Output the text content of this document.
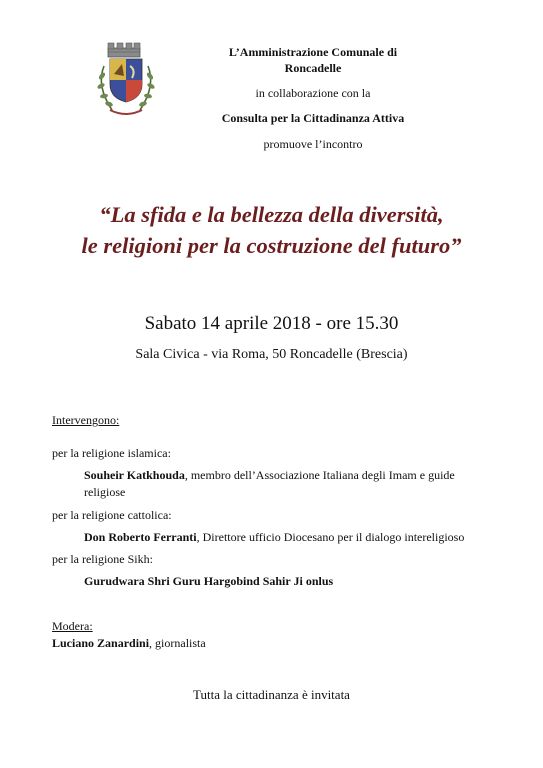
L’Amministrazione Comunale di
Roncadelle
in collaborazione con la
Consulta per la Cittadinanza Attiva
promuove l’incontro
“La sfida e la bellezza della diversità,
le religioni per la costruzione del futuro”
Sabato 14 aprile 2018 - ore 15.30
Sala Civica - via Roma, 50 Roncadelle (Brescia)
Intervengono:
per la religione islamica:
Souheir Katkhouda, membro dell’Associazione Italiana degli Imam e guide
religiose
per la religione cattolica:
Don Roberto Ferranti, Direttore ufficio Diocesano per il dialogo intereligioso
per la religione Sikh:
Gurudwara Shri Guru Hargobind Sahir Ji onlus
Modera:
Luciano Zanardini, giornalista
Tutta la cittadinanza è invitata
